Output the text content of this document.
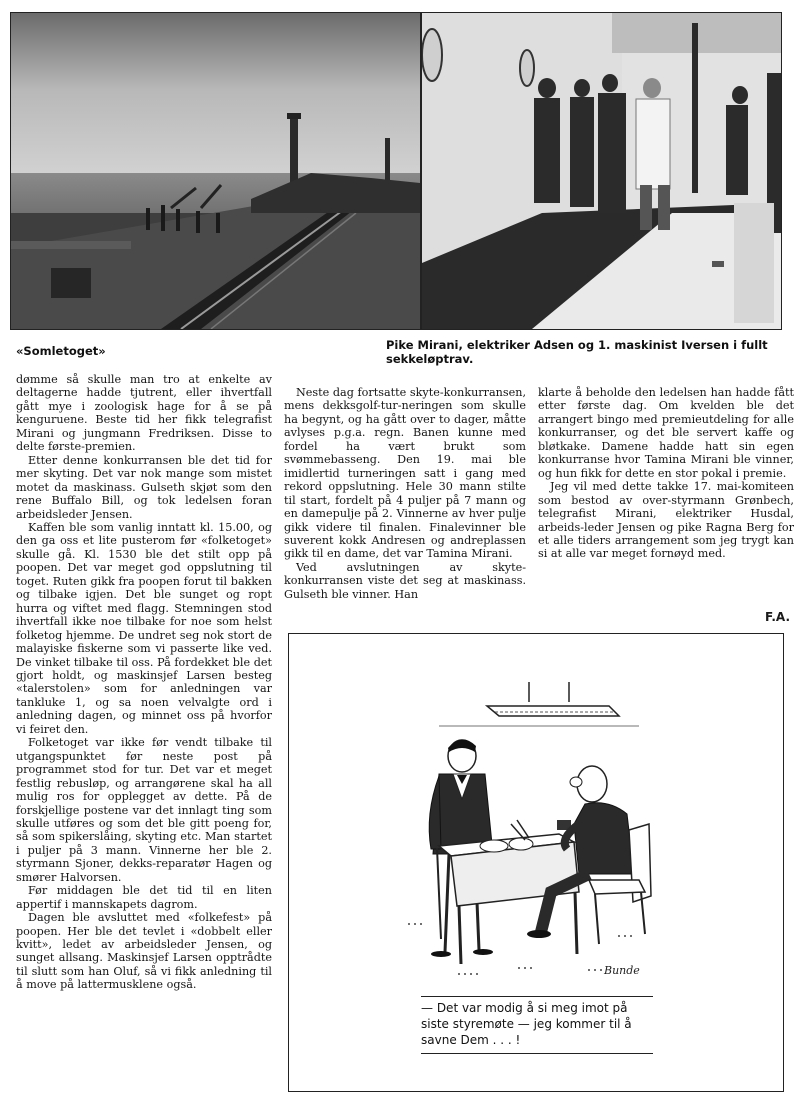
«Somletoget»	Pike Mirani, elektriker Adsen og 1. maskinist Iversen i fullt sekkeløptrav.

dømme så skulle man tro at enkelte av deltagerne hadde tjutrent, eller ihvertfall gått mye i zoologisk hage for å se på kenguruene. Beste tid her fikk telegrafist Mirani og jungmann Fredriksen. Disse to delte første-premien.

Etter denne konkurransen ble det tid for mer skyting. Det var nok mange som mistet motet da maskinass. Gulseth skjøt som den rene Buffalo Bill, og tok ledelsen foran arbeidsleder Jensen.

Kaffen ble som vanlig inntatt kl. 15.00, og den ga oss et lite pusterom før «folketoget» skulle gå. Kl. 1530 ble det stilt opp på poopen. Det var meget god oppslutning til toget. Ruten gikk fra poopen forut til bakken og tilbake igjen. Det ble sunget og ropt hurra og viftet med flagg. Stemningen stod ihvertfall ikke noe tilbake for noe som helst folketog hjemme. De undret seg nok stort de malayiske fiskerne som vi passerte like ved. De vinket tilbake til oss. På fordekket ble det gjort holdt, og maskinsjef Larsen besteg «talerstolen» som for anledningen var tankluke 1, og sa noen velvalgte ord i anledning dagen, og minnet oss på hvorfor vi feiret den.

Folketoget var ikke før vendt tilbake til utgangspunktet før neste post på programmet stod for tur. Det var et meget festlig rebusløp, og arrangørene skal ha all mulig ros for opplegget av dette. På de forskjellige postene var det innlagt ting som skulle utføres og som det ble gitt poeng for, så som spikerslåing, skyting etc. Man startet i puljer på 3 mann. Vinnerne her ble 2. styrmann Sjoner, dekks-reparatør Hagen og smører Halvorsen.

Før middagen ble det tid til en liten appertif i mannskapets dagrom.

Dagen ble avsluttet med «folkefest» på poopen. Her ble det tevlet i «dobbelt eller kvitt», ledet av arbeidsleder Jensen, og sunget allsang. Maskinsjef Larsen opptrådte til slutt som han Oluf, så vi fikk anledning til å move på lattermusklene også.

Neste dag fortsatte skyte-konkurransen, mens dekksgolf-tur-neringen som skulle ha begynt, og ha gått over to dager, måtte avlyses p.g.a. regn. Banen kunne med fordel ha vært brukt som svømmebasseng. Den 19. mai ble imidlertid turneringen satt i gang med rekord oppslutning. Hele 30 mann stilte til start, fordelt på 4 puljer på 7 mann og en damepulje på 2. Vinnerne av hver pulje gikk videre til finalen. Finalevinner ble suverent kokk Andresen og andreplassen gikk til en dame, det var Tamina Mirani.

Ved avslutningen av skyte-konkurransen viste det seg at maskinass. Gulseth ble vinner. Han

klarte å beholde den ledelsen han hadde fått etter første dag. Om kvelden ble det arrangert bingo med premieutdeling for alle konkurranser, og det ble servert kaffe og bløtkake. Damene hadde hatt sin egen konkurranse hvor Tamina Mirani ble vinner, og hun fikk for dette en stor pokal i premie.

Jeg vil med dette takke 17. mai-komiteen som bestod av over-styrmann Grønbech, telegrafist Mirani, elektriker Husdal, arbeids-leder Jensen og pike Ragna Berg for et alle tiders arrangement som jeg trygt kan si at alle var meget fornøyd med.

F.A.
Bunde
— Det var modig å si meg imot på siste styremøte — jeg kommer til å savne Dem . . . !
